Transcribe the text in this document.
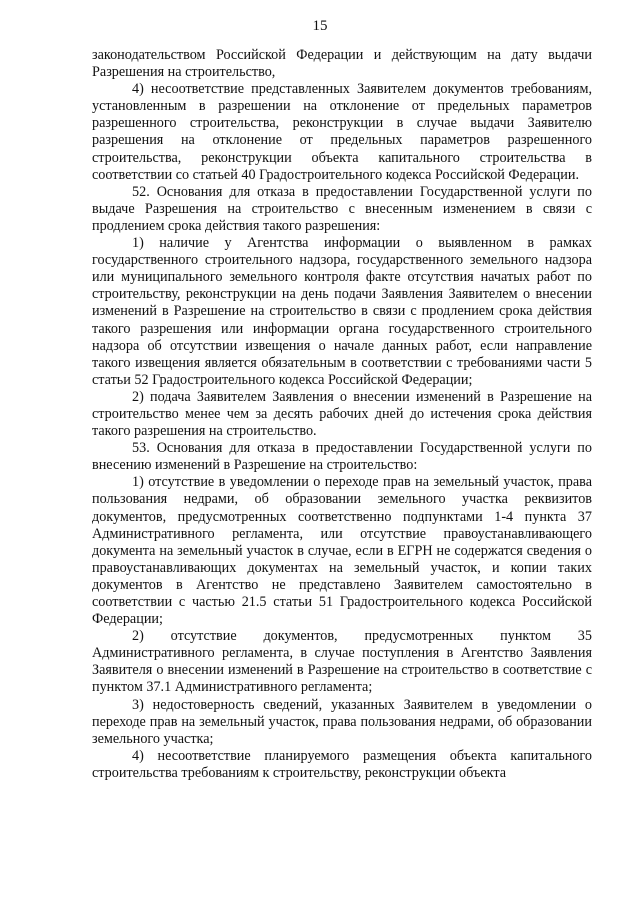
15

законодательством Российской Федерации и действующим на дату выдачи Разрешения на строительство,

4) несоответствие представленных Заявителем документов требованиям, установленным в разрешении на отклонение от предельных параметров разрешенного строительства, реконструкции в случае выдачи Заявителю разрешения на отклонение от предельных параметров разрешенного строительства, реконструкции объекта капитального строительства в соответствии со статьей 40 Градостроительного кодекса Российской Федерации.

52. Основания для отказа в предоставлении Государственной услуги по выдаче Разрешения на строительство с внесенным изменением в связи с продлением срока действия такого разрешения:

1) наличие у Агентства информации о выявленном в рамках государственного строительного надзора, государственного земельного надзора или муниципального земельного контроля факте отсутствия начатых работ по строительству, реконструкции на день подачи Заявления Заявителем о внесении изменений в Разрешение на строительство в связи с продлением срока действия такого разрешения или информации органа государственного строительного надзора об отсутствии извещения о начале данных работ, если направление такого извещения является обязательным в соответствии с требованиями части 5 статьи 52 Градостроительного кодекса Российской Федерации;

2) подача Заявителем Заявления о внесении изменений в Разрешение на строительство менее чем за десять рабочих дней до истечения срока действия такого разрешения на строительство.

53. Основания для отказа в предоставлении Государственной услуги по внесению изменений в Разрешение на строительство:

1) отсутствие в уведомлении о переходе прав на земельный участок, права пользования недрами, об образовании земельного участка реквизитов документов, предусмотренных соответственно подпунктами 1-4 пункта 37 Административного регламента, или отсутствие правоустанавливающего документа на земельный участок в случае, если в ЕГРН не содержатся сведения о правоустанавливающих документах на земельный участок, и копии таких документов в Агентство не представлено Заявителем самостоятельно в соответствии с частью 21.5 статьи 51 Градостроительного кодекса Российской Федерации;

2) отсутствие документов, предусмотренных пунктом 35 Административного регламента, в случае поступления в Агентство Заявления Заявителя о внесении изменений в Разрешение на строительство в соответствие с пунктом 37.1 Административного регламента;

3) недостоверность сведений, указанных Заявителем в уведомлении о переходе прав на земельный участок, права пользования недрами, об образовании земельного участка;

4) несоответствие планируемого размещения объекта капитального строительства требованиям к строительству, реконструкции объекта
